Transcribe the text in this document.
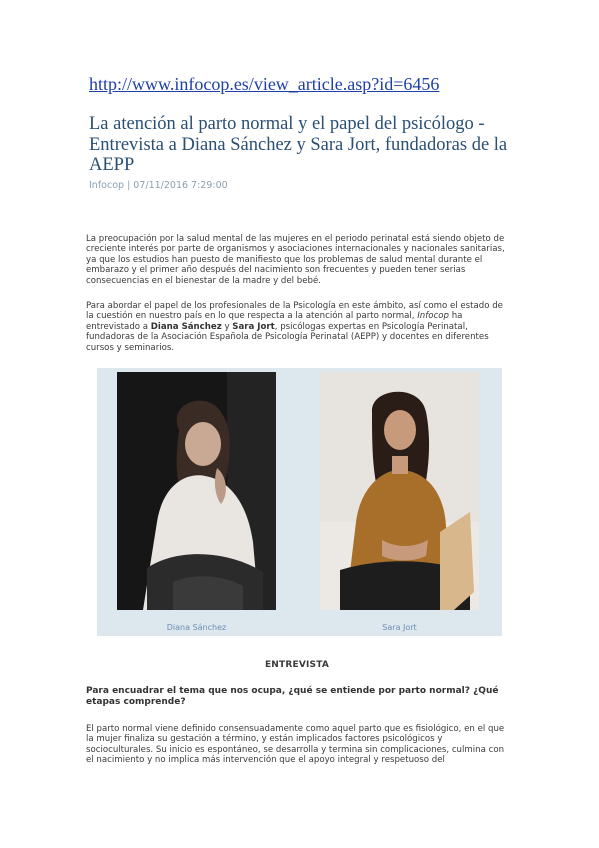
http://www.infocop.es/view_article.asp?id=6456
La atención al parto normal y el papel del psicólogo - Entrevista a Diana Sánchez y Sara Jort, fundadoras de la AEPP
Infocop | 07/11/2016 7:29:00

La preocupación por la salud mental de las mujeres en el periodo perinatal está siendo objeto de creciente interés por parte de organismos y asociaciones internacionales y nacionales sanitarias, ya que los estudios han puesto de manifiesto que los problemas de salud mental durante el embarazo y el primer año después del nacimiento son frecuentes y pueden tener serias consecuencias en el bienestar de la madre y del bebé.

Para abordar el papel de los profesionales de la Psicología en este ámbito, así como el estado de la cuestión en nuestro país en lo que respecta a la atención al parto normal, Infocop ha entrevistado a Diana Sánchez y Sara Jort, psicólogas expertas en Psicología Perinatal, fundadoras de la Asociación Española de Psicología Perinatal (AEPP) y docentes en diferentes cursos y seminarios.

Diana Sánchez	Sara Jort
ENTREVISTA

Para encuadrar el tema que nos ocupa, ¿qué se entiende por parto normal? ¿Qué etapas comprende?

El parto normal viene definido consensuadamente como aquel parto que es fisiológico, en el que la mujer finaliza su gestación a término, y están implicados factores psicológicos y socioculturales. Su inicio es espontáneo, se desarrolla y termina sin complicaciones, culmina con el nacimiento y no implica más intervención que el apoyo integral y respetuoso del
